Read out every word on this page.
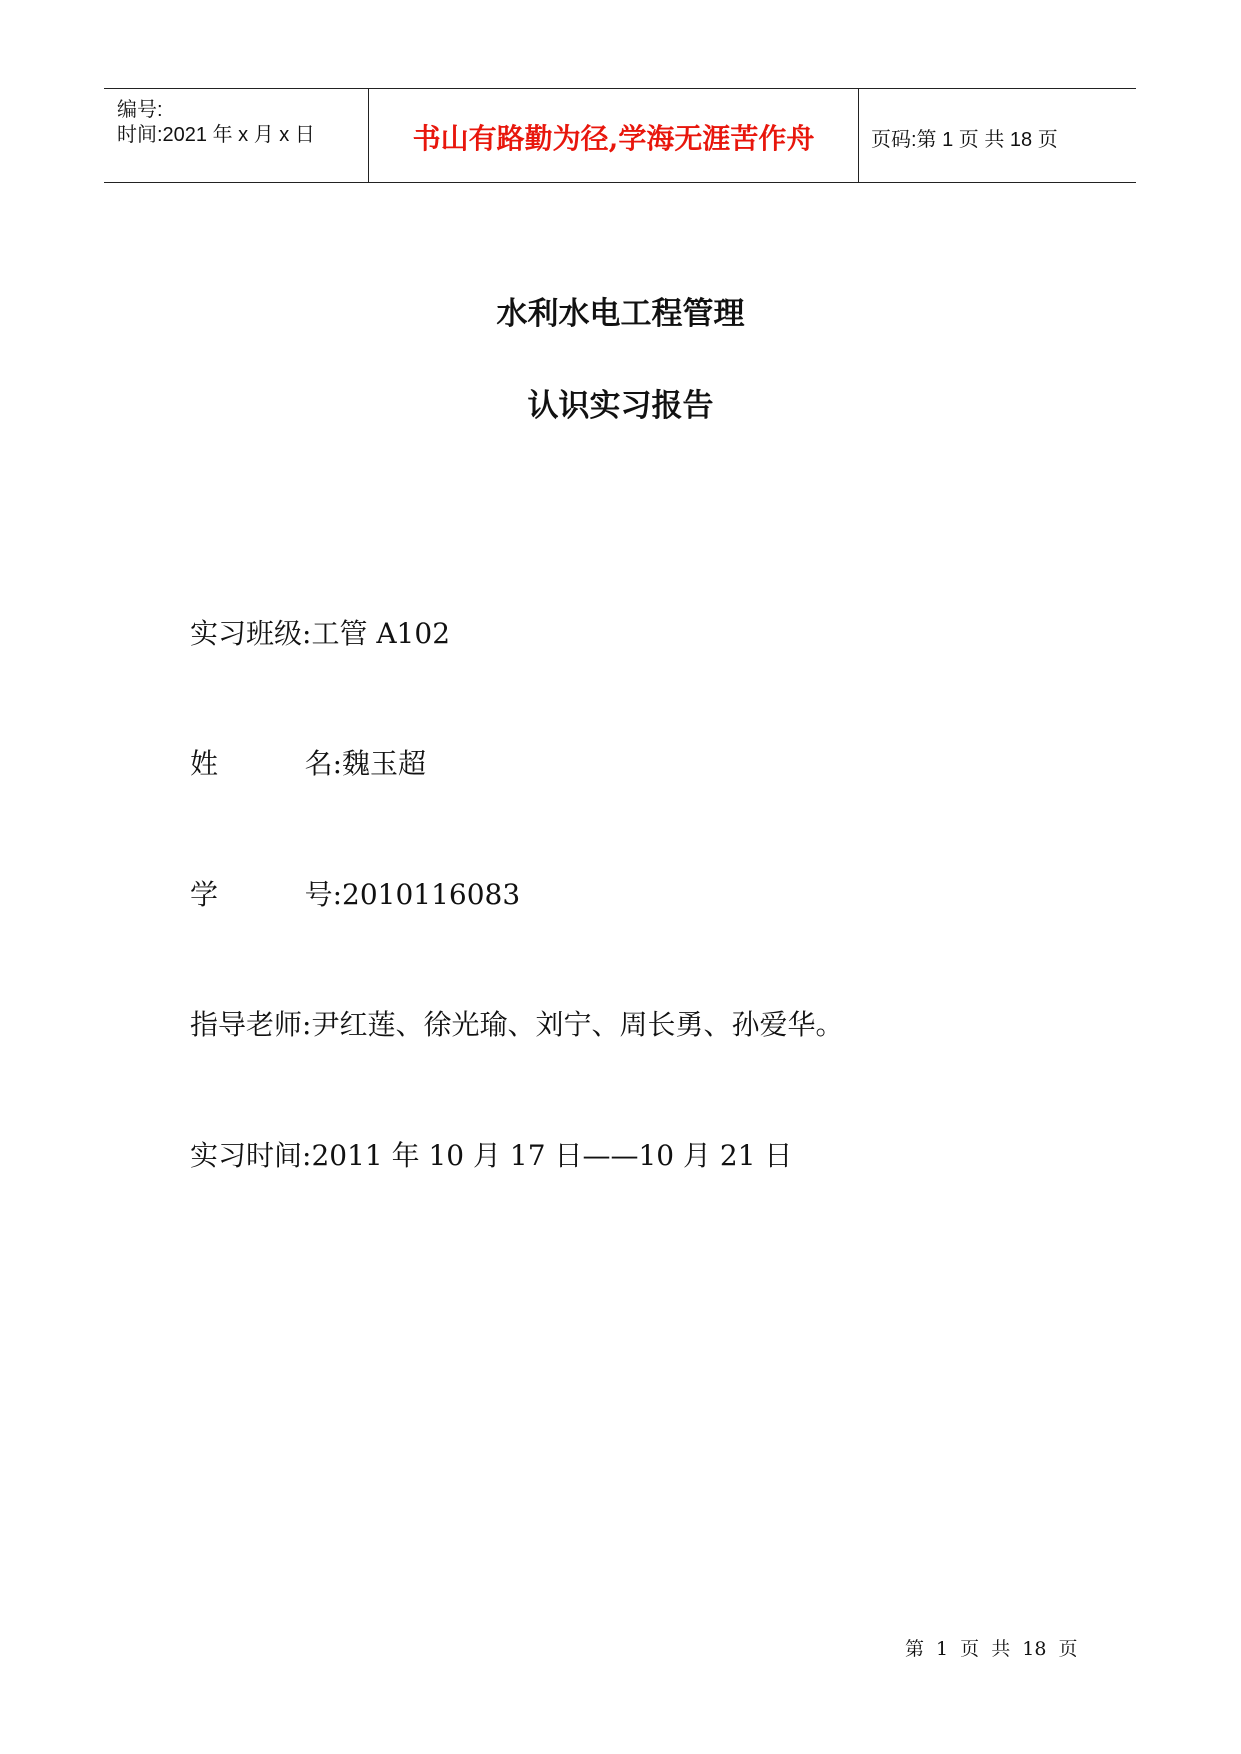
编号:
时间:2021 年 x 月 x 日	书山有路勤为径,学海无涯苦作舟	页码:第 1 页 共 18 页
水利水电工程管理
认识实习报告
实习班级: 工管 A102
姓	名: 魏玉超
学	号: 2010116083
指导老师: 尹红莲、徐光瑜、刘宁、周长勇、孙爱华。
实习时间: 2011 年 10 月 17 日——10 月 21 日
第 1 页 共 18 页
